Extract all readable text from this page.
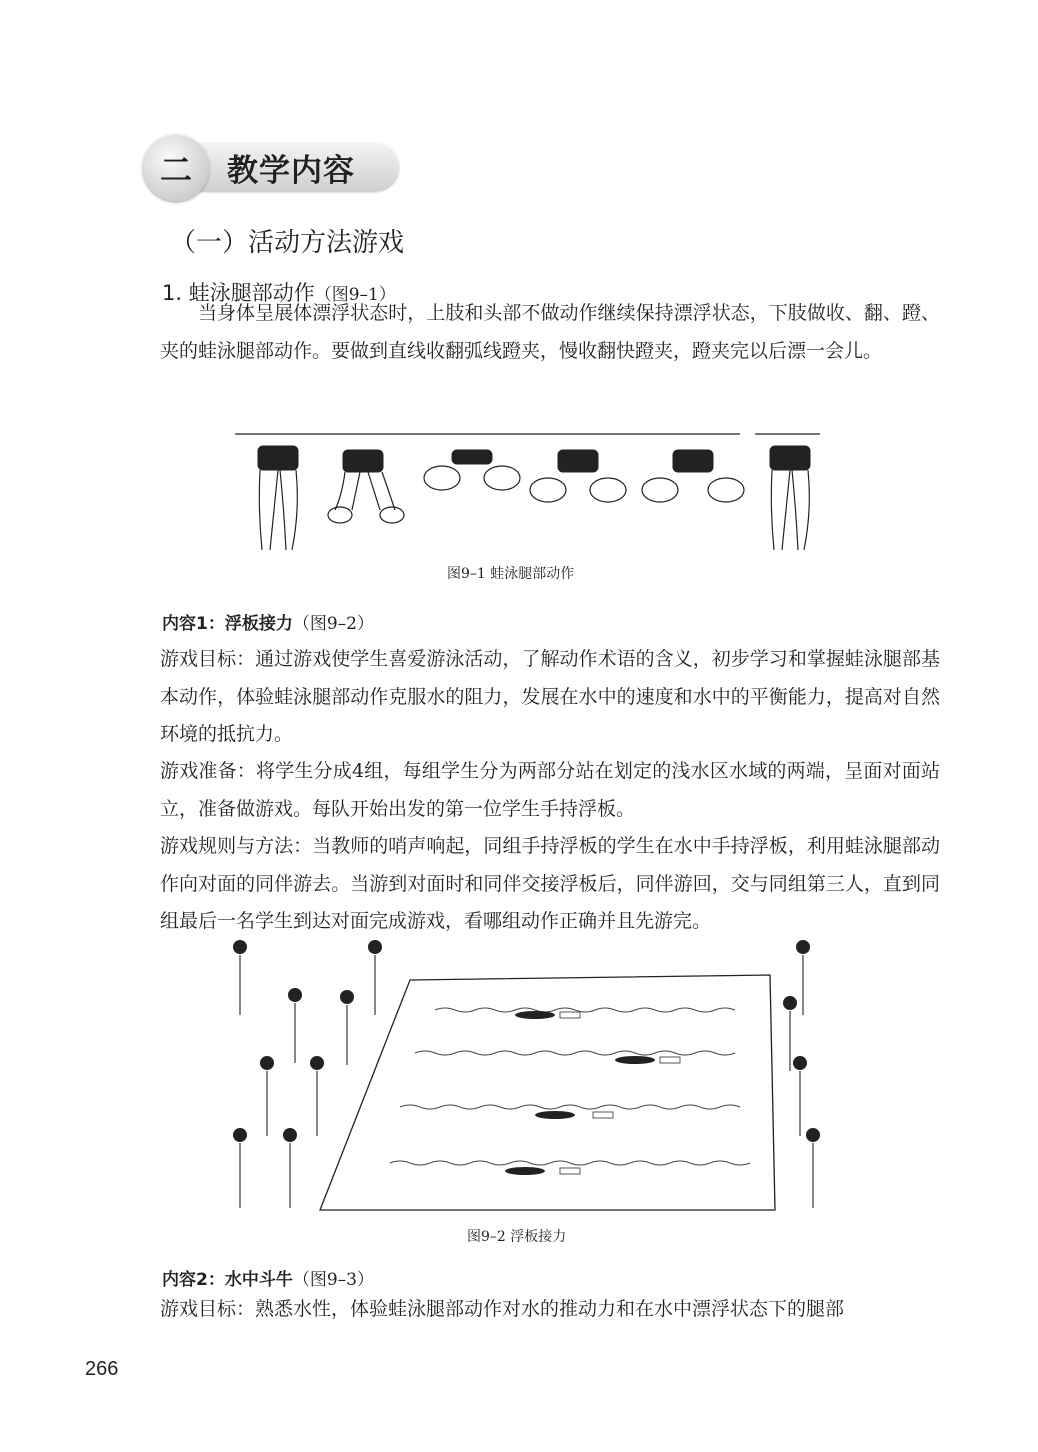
二	教学内容
（一）活动方法游戏
1. 蛙泳腿部动作（图9–1）

当身体呈展体漂浮状态时，上肢和头部不做动作继续保持漂浮状态，下肢做收、翻、蹬、夹的蛙泳腿部动作。要做到直线收翻弧线蹬夹，慢收翻快蹬夹，蹬夹完以后漂一会儿。

图9–1 蛙泳腿部动作
内容1：浮板接力（图9–2）

游戏目标：通过游戏使学生喜爱游泳活动，了解动作术语的含义，初步学习和掌握蛙泳腿部基本动作，体验蛙泳腿部动作克服水的阻力，发展在水中的速度和水中的平衡能力，提高对自然环境的抵抗力。

游戏准备：将学生分成4组，每组学生分为两部分站在划定的浅水区水域的两端，呈面对面站立，准备做游戏。每队开始出发的第一位学生手持浮板。

游戏规则与方法：当教师的哨声响起，同组手持浮板的学生在水中手持浮板，利用蛙泳腿部动作向对面的同伴游去。当游到对面时和同伴交接浮板后，同伴游回，交与同组第三人，直到同组最后一名学生到达对面完成游戏，看哪组动作正确并且先游完。

图9–2 浮板接力
内容2：水中斗牛（图9–3）

游戏目标：熟悉水性，体验蛙泳腿部动作对水的推动力和在水中漂浮状态下的腿部

266
